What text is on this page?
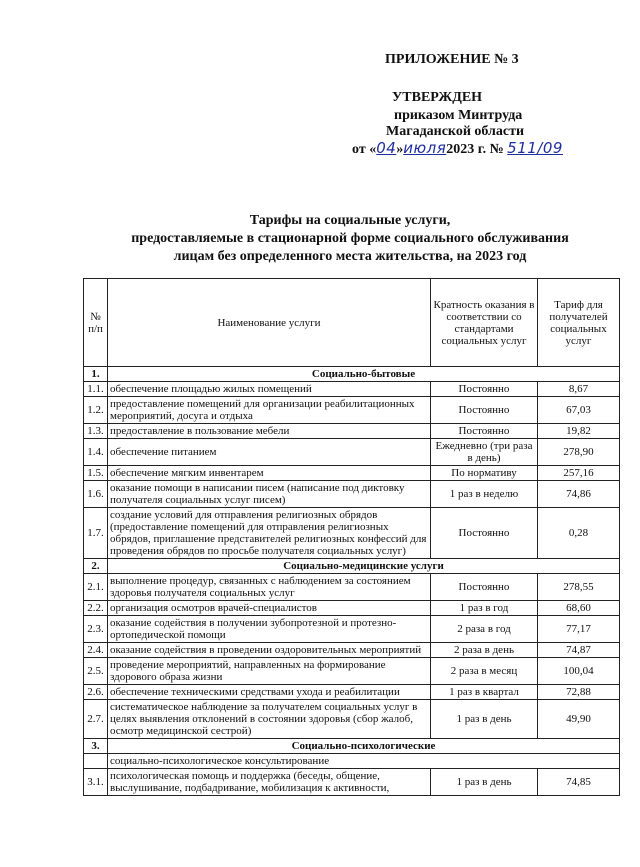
ПРИЛОЖЕНИЕ № 3
УТВЕРЖДЕН
приказом Минтруда
Магаданской области
от «04»июля2023 г. № 511/09
Тарифы на социальные услуги,
предоставляемые в стационарной форме социального обслуживания
лицам без определенного места жительства, на 2023 год
№ п/п	Наименование услуги	Кратность оказания в соответствии со стандартами социальных услуг	Тариф для получателей социальных услуг
1.	Социально-бытовые		
1.1.	обеспечение площадью жилых помещений	Постоянно	8,67
1.2.	предоставление помещений для организации реабилитационных мероприятий, досуга и отдыха	Постоянно	67,03
1.3.	предоставление в пользование мебели	Постоянно	19,82
1.4.	обеспечение питанием	Ежедневно (три раза в день)	278,90
1.5.	обеспечение мягким инвентарем	По нормативу	257,16
1.6.	оказание помощи в написании писем (написание под диктовку получателя социальных услуг писем)	1 раз в неделю	74,86
1.7.	создание условий для отправления религиозных обрядов (предоставление помещений для отправления религиозных обрядов, приглашение представителей религиозных конфессий для проведения обрядов по просьбе получателя социальных услуг)	Постоянно	0,28
2.	Социально-медицинские услуги		
2.1.	выполнение процедур, связанных с наблюдением за состоянием здоровья получателя социальных услуг	Постоянно	278,55
2.2.	организация осмотров врачей-специалистов	1 раз в год	68,60
2.3.	оказание содействия в получении зубопротезной и протезно-ортопедической помощи	2 раза в год	77,17
2.4.	оказание содействия в проведении оздоровительных мероприятий	2 раза в день	74,87
2.5.	проведение мероприятий, направленных на формирование здорового образа жизни	2 раза в месяц	100,04
2.6.	обеспечение техническими средствами ухода и реабилитации	1 раз в квартал	72,88
2.7.	систематическое наблюдение за получателем социальных услуг в целях выявления отклонений в состоянии здоровья (сбор жалоб, осмотр медицинской сестрой)	1 раз в день	49,90
3.	Социально-психологические		
	социально-психологическое консультирование		
3.1.	психологическая помощь и поддержка (беседы, общение, выслушивание, подбадривание, мобилизация к активности,	1 раз в день	74,85
